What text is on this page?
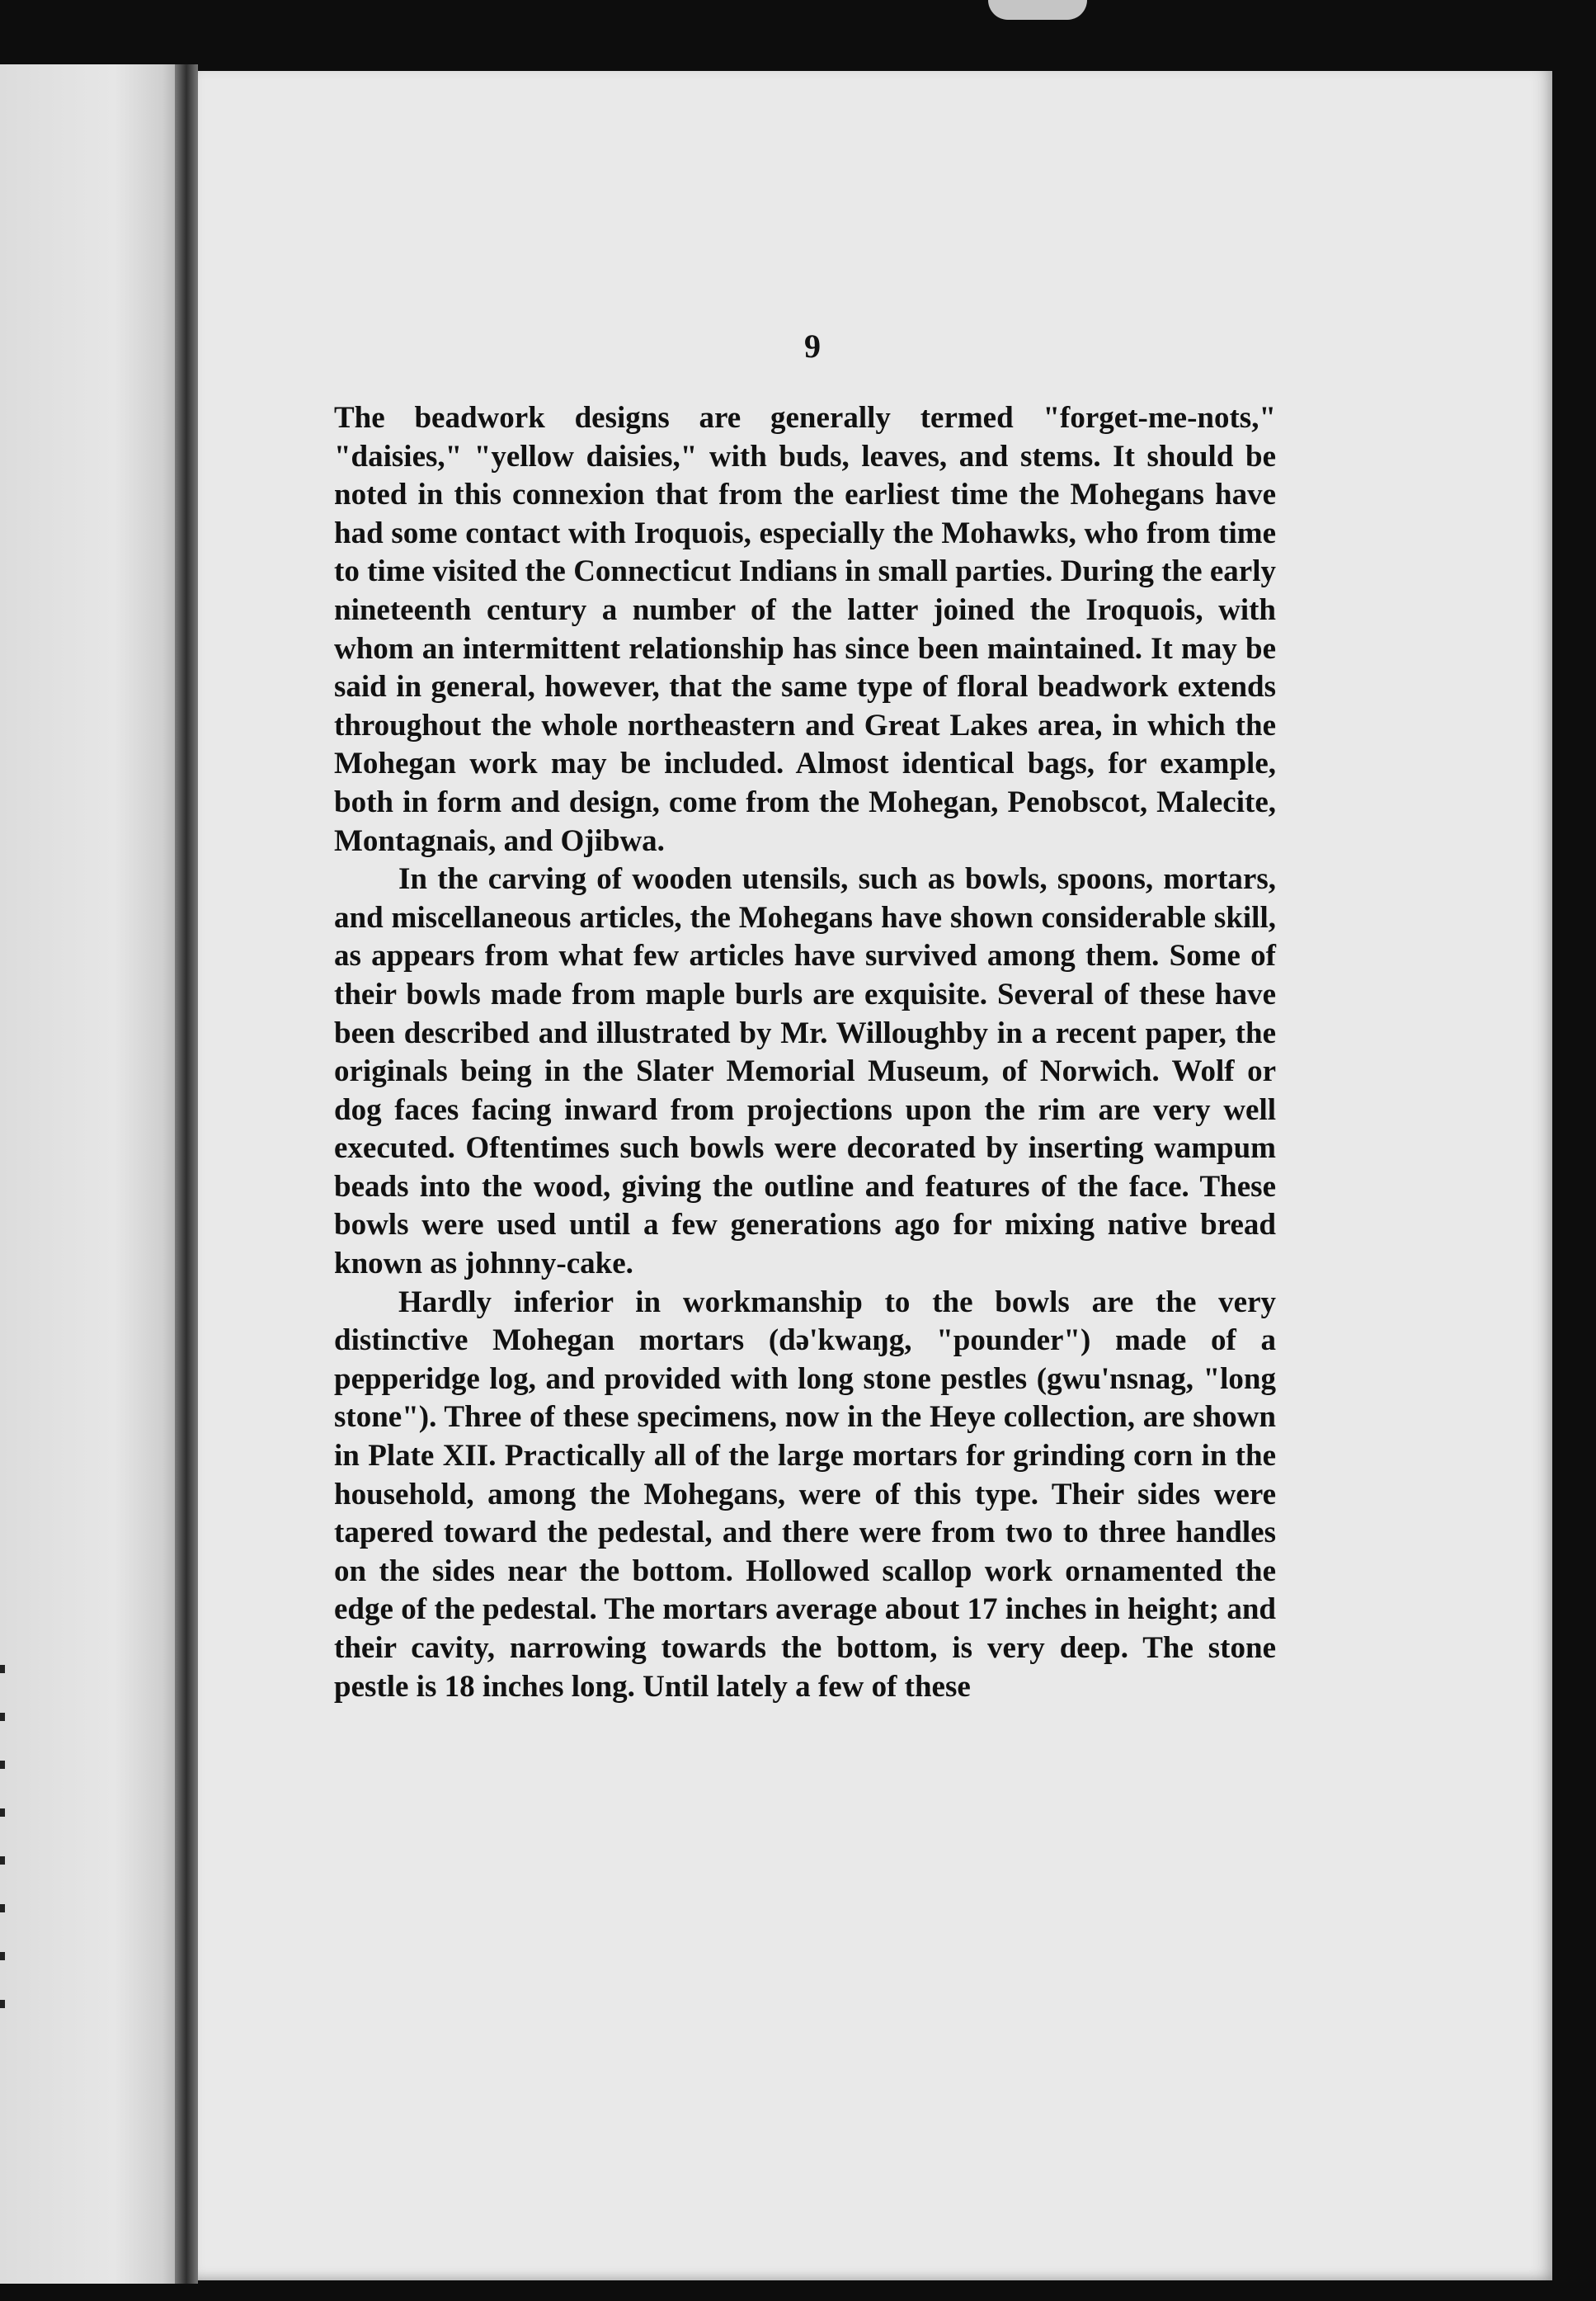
9

The beadwork designs are generally termed "forget-me-nots," "daisies," "yellow daisies," with buds, leaves, and stems. It should be noted in this connexion that from the earliest time the Mohegans have had some contact with Iroquois, especially the Mohawks, who from time to time visited the Connecticut Indians in small parties. During the early nineteenth century a number of the latter joined the Iroquois, with whom an intermittent relationship has since been maintained. It may be said in general, however, that the same type of floral beadwork extends throughout the whole northeastern and Great Lakes area, in which the Mohegan work may be included. Almost identical bags, for example, both in form and design, come from the Mohegan, Penobscot, Malecite, Montagnais, and Ojibwa.

In the carving of wooden utensils, such as bowls, spoons, mortars, and miscellaneous articles, the Mohegans have shown considerable skill, as appears from what few articles have survived among them. Some of their bowls made from maple burls are exquisite. Several of these have been described and illustrated by Mr. Willoughby in a recent paper, the originals being in the Slater Memorial Museum, of Norwich. Wolf or dog faces facing inward from projections upon the rim are very well executed. Oftentimes such bowls were decorated by inserting wampum beads into the wood, giving the outline and features of the face. These bowls were used until a few generations ago for mixing native bread known as johnny-cake.

Hardly inferior in workmanship to the bowls are the very distinctive Mohegan mortars (də'kwaŋg, "pounder") made of a pepperidge log, and provided with long stone pestles (gwu'nsnag, "long stone"). Three of these specimens, now in the Heye collection, are shown in Plate XII. Practically all of the large mortars for grinding corn in the household, among the Mohegans, were of this type. Their sides were tapered toward the pedestal, and there were from two to three handles on the sides near the bottom. Hollowed scallop work ornamented the edge of the pedestal. The mortars average about 17 inches in height; and their cavity, narrowing towards the bottom, is very deep. The stone pestle is 18 inches long. Until lately a few of these
